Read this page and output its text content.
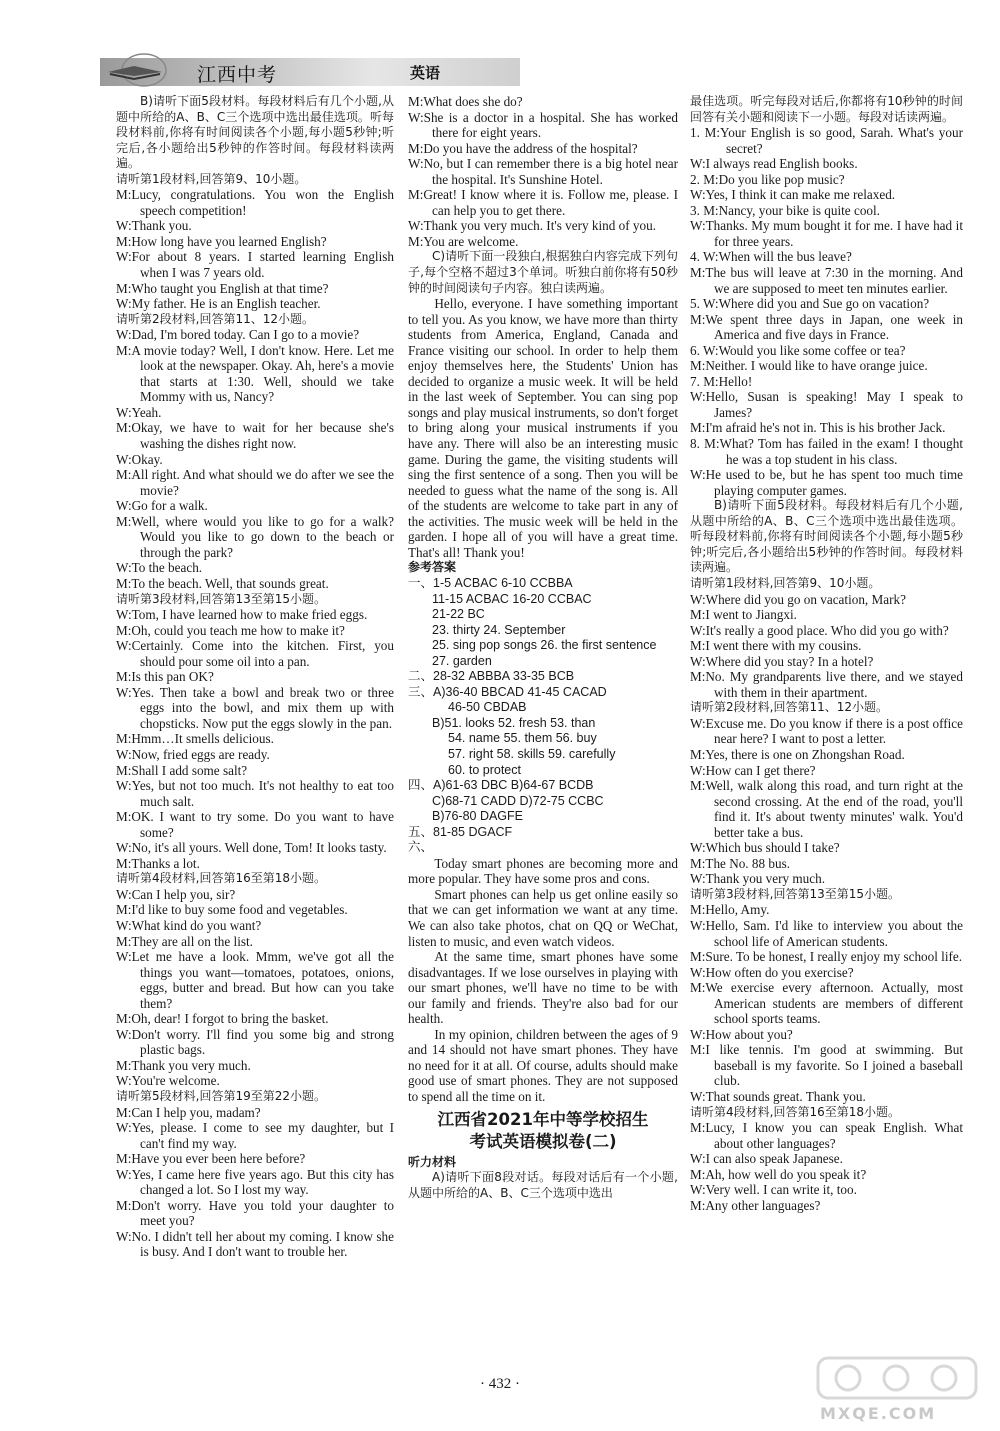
江西中考	英语

B)请听下面5段材料。每段材料后有几个小题,从题中所给的A、B、C三个选项中选出最佳选项。听每段材料前,你将有时间阅读各个小题,每小题5秒钟;听完后,各小题给出5秒钟的作答时间。每段材料读两遍。

请听第1段材料,回答第9、10小题。

M:Lucy, congratulations. You won the English speech competition!

W:Thank you.

M:How long have you learned English?

W:For about 8 years. I started learning English when I was 7 years old.

M:Who taught you English at that time?

W:My father. He is an English teacher.

请听第2段材料,回答第11、12小题。

W:Dad, I'm bored today. Can I go to a movie?

M:A movie today? Well, I don't know. Here. Let me look at the newspaper. Okay. Ah, here's a movie that starts at 1:30. Well, should we take Mommy with us, Nancy?

W:Yeah.

M:Okay, we have to wait for her because she's washing the dishes right now.

W:Okay.

M:All right. And what should we do after we see the movie?

W:Go for a walk.

M:Well, where would you like to go for a walk? Would you like to go down to the beach or through the park?

W:To the beach.

M:To the beach. Well, that sounds great.

请听第3段材料,回答第13至第15小题。

W:Tom, I have learned how to make fried eggs.

M:Oh, could you teach me how to make it?

W:Certainly. Come into the kitchen. First, you should pour some oil into a pan.

M:Is this pan OK?

W:Yes. Then take a bowl and break two or three eggs into the bowl, and mix them up with chopsticks. Now put the eggs slowly in the pan.

M:Hmm…It smells delicious.

W:Now, fried eggs are ready.

M:Shall I add some salt?

W:Yes, but not too much. It's not healthy to eat too much salt.

M:OK. I want to try some. Do you want to have some?

W:No, it's all yours. Well done, Tom! It looks tasty.

M:Thanks a lot.

请听第4段材料,回答第16至第18小题。

W:Can I help you, sir?

M:I'd like to buy some food and vegetables.

W:What kind do you want?

M:They are all on the list.

W:Let me have a look. Mmm, we've got all the things you want—tomatoes, potatoes, onions, eggs, butter and bread. But how can you take them?

M:Oh, dear! I forgot to bring the basket.

W:Don't worry. I'll find you some big and strong plastic bags.

M:Thank you very much.

W:You're welcome.

请听第5段材料,回答第19至第22小题。

M:Can I help you, madam?

W:Yes, please. I come to see my daughter, but I can't find my way.

M:Have you ever been here before?

W:Yes, I came here five years ago. But this city has changed a lot. So I lost my way.

M:Don't worry. Have you told your daughter to meet you?

W:No. I didn't tell her about my coming. I know she is busy. And I don't want to trouble her.

M:What does she do?

W:She is a doctor in a hospital. She has worked there for eight years.

M:Do you have the address of the hospital?

W:No, but I can remember there is a big hotel near the hospital. It's Sunshine Hotel.

M:Great! I know where it is. Follow me, please. I can help you to get there.

W:Thank you very much. It's very kind of you.

M:You are welcome.

C)请听下面一段独白,根据独白内容完成下列句子,每个空格不超过3个单词。听独白前你将有50秒钟的时间阅读句子内容。独白读两遍。

Hello, everyone. I have something important to tell you. As you know, we have more than thirty students from America, England, Canada and France visiting our school. In order to help them enjoy themselves here, the Students' Union has decided to organize a music week. It will be held in the last week of September. You can sing pop songs and play musical instruments, so don't forget to bring along your musical instruments if you have any. There will also be an interesting music game. During the game, the visiting students will sing the first sentence of a song. Then you will be needed to guess what the name of the song is. All of the students are welcome to take part in any of the activities. The music week will be held in the garden. I hope all of you will have a great time. That's all! Thank you!

参考答案

一、1-5 ACBAC 6-10 CCBBA

11-15 ACBAC 16-20 CCBAC

21-22 BC

23. thirty 24. September

25. sing pop songs 26. the first sentence

27. garden

二、28-32 ABBBA 33-35 BCB

三、A)36-40 BBCAD 41-45 CACAD

46-50 CBDAB

B)51. looks 52. fresh 53. than

54. name 55. them 56. buy

57. right 58. skills 59. carefully

60. to protect

四、A)61-63 DBC B)64-67 BCDB

C)68-71 CADD D)72-75 CCBC

B)76-80 DAGFE

五、81-85 DGACF

六、

Today smart phones are becoming more and more popular. They have some pros and cons.

Smart phones can help us get online easily so that we can get information we want at any time. We can also take photos, chat on QQ or WeChat, listen to music, and even watch videos.

At the same time, smart phones have some disadvantages. If we lose ourselves in playing with our smart phones, we'll have no time to be with our family and friends. They're also bad for our health.

In my opinion, children between the ages of 9 and 14 should not have smart phones. They have no need for it at all. Of course, adults should make good use of smart phones. They are not supposed to spend all the time on it.

江西省2021年中等学校招生
考试英语模拟卷(二)

听力材料

A)请听下面8段对话。每段对话后有一个小题,从题中所给的A、B、C三个选项中选出

最佳选项。听完每段对话后,你都将有10秒钟的时间回答有关小题和阅读下一小题。每段对话读两遍。

1. M:Your English is so good, Sarah. What's your secret?

W:I always read English books.

2. M:Do you like pop music?

W:Yes, I think it can make me relaxed.

3. M:Nancy, your bike is quite cool.

W:Thanks. My mum bought it for me. I have had it for three years.

4. W:When will the bus leave?

M:The bus will leave at 7:30 in the morning. And we are supposed to meet ten minutes earlier.

5. W:Where did you and Sue go on vacation?

M:We spent three days in Japan, one week in America and five days in France.

6. W:Would you like some coffee or tea?

M:Neither. I would like to have orange juice.

7. M:Hello!

W:Hello, Susan is speaking! May I speak to James?

M:I'm afraid he's not in. This is his brother Jack.

8. M:What? Tom has failed in the exam! I thought he was a top student in his class.

W:He used to be, but he has spent too much time playing computer games.

B)请听下面5段材料。每段材料后有几个小题,从题中所给的A、B、C三个选项中选出最佳选项。听每段材料前,你将有时间阅读各个小题,每小题5秒钟;听完后,各小题给出5秒钟的作答时间。每段材料读两遍。

请听第1段材料,回答第9、10小题。

W:Where did you go on vacation, Mark?

M:I went to Jiangxi.

W:It's really a good place. Who did you go with?

M:I went there with my cousins.

W:Where did you stay? In a hotel?

M:No. My grandparents live there, and we stayed with them in their apartment.

请听第2段材料,回答第11、12小题。

W:Excuse me. Do you know if there is a post office near here? I want to post a letter.

M:Yes, there is one on Zhongshan Road.

W:How can I get there?

M:Well, walk along this road, and turn right at the second crossing. At the end of the road, you'll find it. It's about twenty minutes' walk. You'd better take a bus.

W:Which bus should I take?

M:The No. 88 bus.

W:Thank you very much.

请听第3段材料,回答第13至第15小题。

M:Hello, Amy.

W:Hello, Sam. I'd like to interview you about the school life of American students.

M:Sure. To be honest, I really enjoy my school life.

W:How often do you exercise?

M:We exercise every afternoon. Actually, most American students are members of different school sports teams.

W:How about you?

M:I like tennis. I'm good at swimming. But baseball is my favorite. So I joined a baseball club.

W:That sounds great. Thank you.

请听第4段材料,回答第16至第18小题。

M:Lucy, I know you can speak English. What about other languages?

W:I can also speak Japanese.

M:Ah, how well do you speak it?

W:Very well. I can write it, too.

M:Any other languages?

· 432 ·
MXQE.COM
